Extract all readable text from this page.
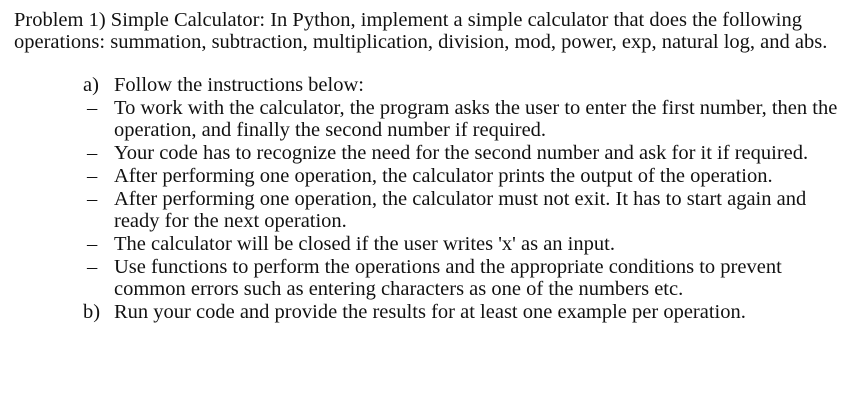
Problem 1) Simple Calculator: In Python, implement a simple calculator that does the following operations: summation, subtraction, multiplication, division, mod, power, exp, natural log, and abs.

a) Follow the instructions below:
– To work with the calculator, the program asks the user to enter the first number, then the operation, and finally the second number if required.
– Your code has to recognize the need for the second number and ask for it if required.
– After performing one operation, the calculator prints the output of the operation.
– After performing one operation, the calculator must not exit. It has to start again and ready for the next operation.
– The calculator will be closed if the user writes 'x' as an input.
– Use functions to perform the operations and the appropriate conditions to prevent common errors such as entering characters as one of the numbers etc.
b) Run your code and provide the results for at least one example per operation.
